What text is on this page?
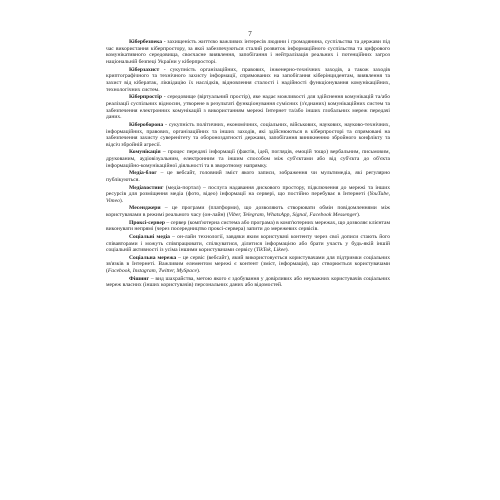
7

Кібербезпека - захищеність життєво важливих інтересів людини і громадянина, суспільства та держави під час використання кіберпростору, за якої забезпечуються сталий розвиток інформаційного суспільства та цифрового комунікативного середовища, своєчасне виявлення, запобігання і нейтралізація реальних і потенційних загроз національній безпеці України у кіберпросторі.

Кіберзахист - сукупність організаційних, правових, інженерно-технічних заходів, а також заходів криптографічного та технічного захисту інформації, спрямованих на запобігання кіберінцидентам, виявлення та захист від кібератак, ліквідацію їх наслідків, відновлення сталості і надійності функціонування комунікаційних, технологічних систем.

Кіберпростір - середовище (віртуальний простір), яке надає можливості для здійснення комунікацій та/або реалізації суспільних відносин, утворене в результаті функціонування сумісних (з'єднаних) комунікаційних систем та забезпечення електронних комунікацій з використанням мережі Інтернет та/або інших глобальних мереж передачі даних.

Кібероборона - сукупність політичних, економічних, соціальних, військових, наукових, науково-технічних, інформаційних, правових, організаційних та інших заходів, які здійснюються в кіберпросторі та спрямовані на забезпечення захисту суверенітету та обороноздатності держави, запобігання виникненню збройного конфлікту та відсіч збройній агресії.

Комунікація – процес передачі інформації (фактів, ідей, поглядів, емоцій тощо) вербальним, письмовим, друкованим, аудіовізуальним, електронним та іншим способом між суб'єктами або від суб'єкта до об'єкта інформаційно-комунікаційної діяльності та в зворотному напрямку.

Медіа-блог – це вебсайт, головний зміст якого записи, зображення чи мультимедіа, які регулярно публікуються.

Медіахостинг (медіа-портал) – послуга надавання дискового простору, підключення до мережі та інших ресурсів для розміщення медіа (фото, відео) інформації на сервері, що постійно перебуває в Інтернеті (YouTube, Vimeo).

Месенджери – це програми (платформи), що дозволяють створювати обмін повідомленнями між користувачами в режимі реального часу (он-лайн) (Viber, Telegram, WhatsApp, Signal, Facebook Messenger).

Проксі-сервер – сервер (комп'ютерна система або програма) в комп'ютерних мережах, що дозволяє клієнтам виконувати непрямі (через посередництво проксі-сервера) запити до мережевих сервісів.

Соціальні медіа – он-лайн технології, завдяки яким користувачі контенту через свої дописи стають його співавторами і можуть співпрацювати, спілкуватися, ділитися інформацією або брати участь у будь-якій іншій соціальній активності із усіма іншими користувачами сервісу (TikTok, Likee).

Соціальна мережа – це сервіс (вебсайт), який використовується користувачами для підтримки соціальних зв'язків в Інтернеті. Важливим елементом мережі є контент (зміст, інформація), що створюється користувачами (Facebook, Instagram, Twitter, MySpace).

Фішинг – вид шахрайства, метою якого є здобування у довірливих або неуважних користувачів соціальних мереж власних (інших користувачів) персональних даних або відомостей.
